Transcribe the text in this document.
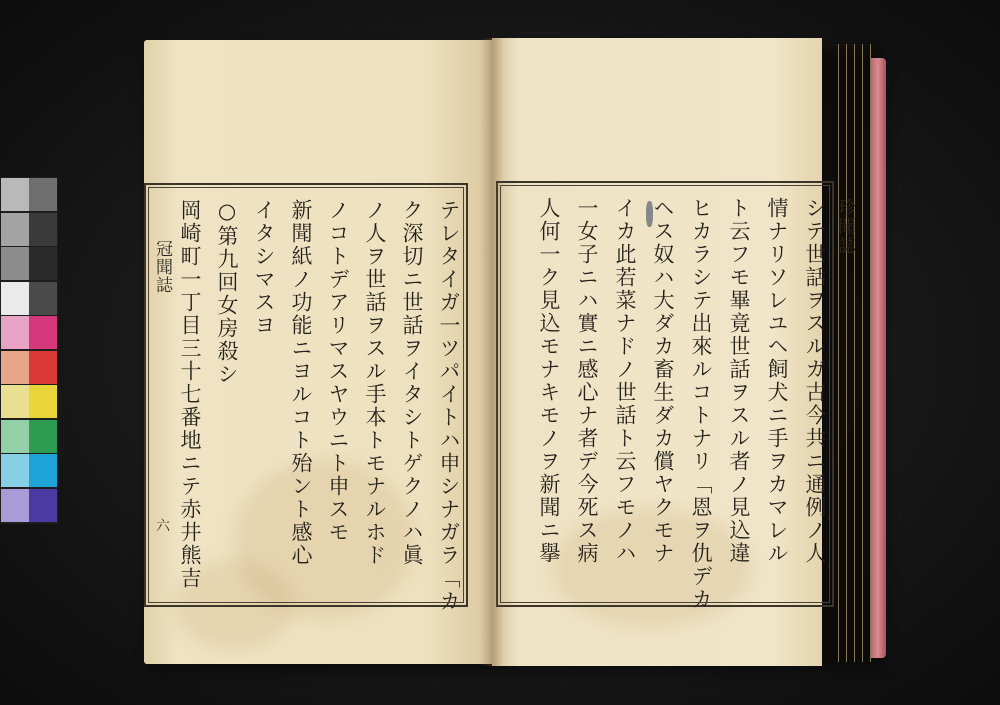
テレタイガ一ツパイトハ申シナガラ「カ
ク深切ニ世話ヲイタシトゲクノハ眞
ノ人ヲ世話ヲスル手本トモナルホド
ノコトデアリマスヤウニト申スモ
新聞紙ノ功能ニヨルコト殆ント感心
イタシマスヨ
○第九回女房殺シ
岡崎町一丁目三十七番地ニテ赤井熊吉
冠聞誌
六	シテ世話ヲスルガ古今共ニ通例ノ人
情ナリソレユヘ飼犬ニ手ヲカマレル
ト云フモ畢竟世話ヲスル者ノ見込違
ヒカラシテ出來ルコトナリ「恩ヲ仇デカ
ヘス奴ハ大ダカ畜生ダカ償ヤクモナ
イカ此若菜ナドノ世話ト云フモノハ
一女子ニハ實ニ感心ナ者デ今死ス病
人何一ク見込モナキモノヲ新聞ニ擧	珍聞誌
